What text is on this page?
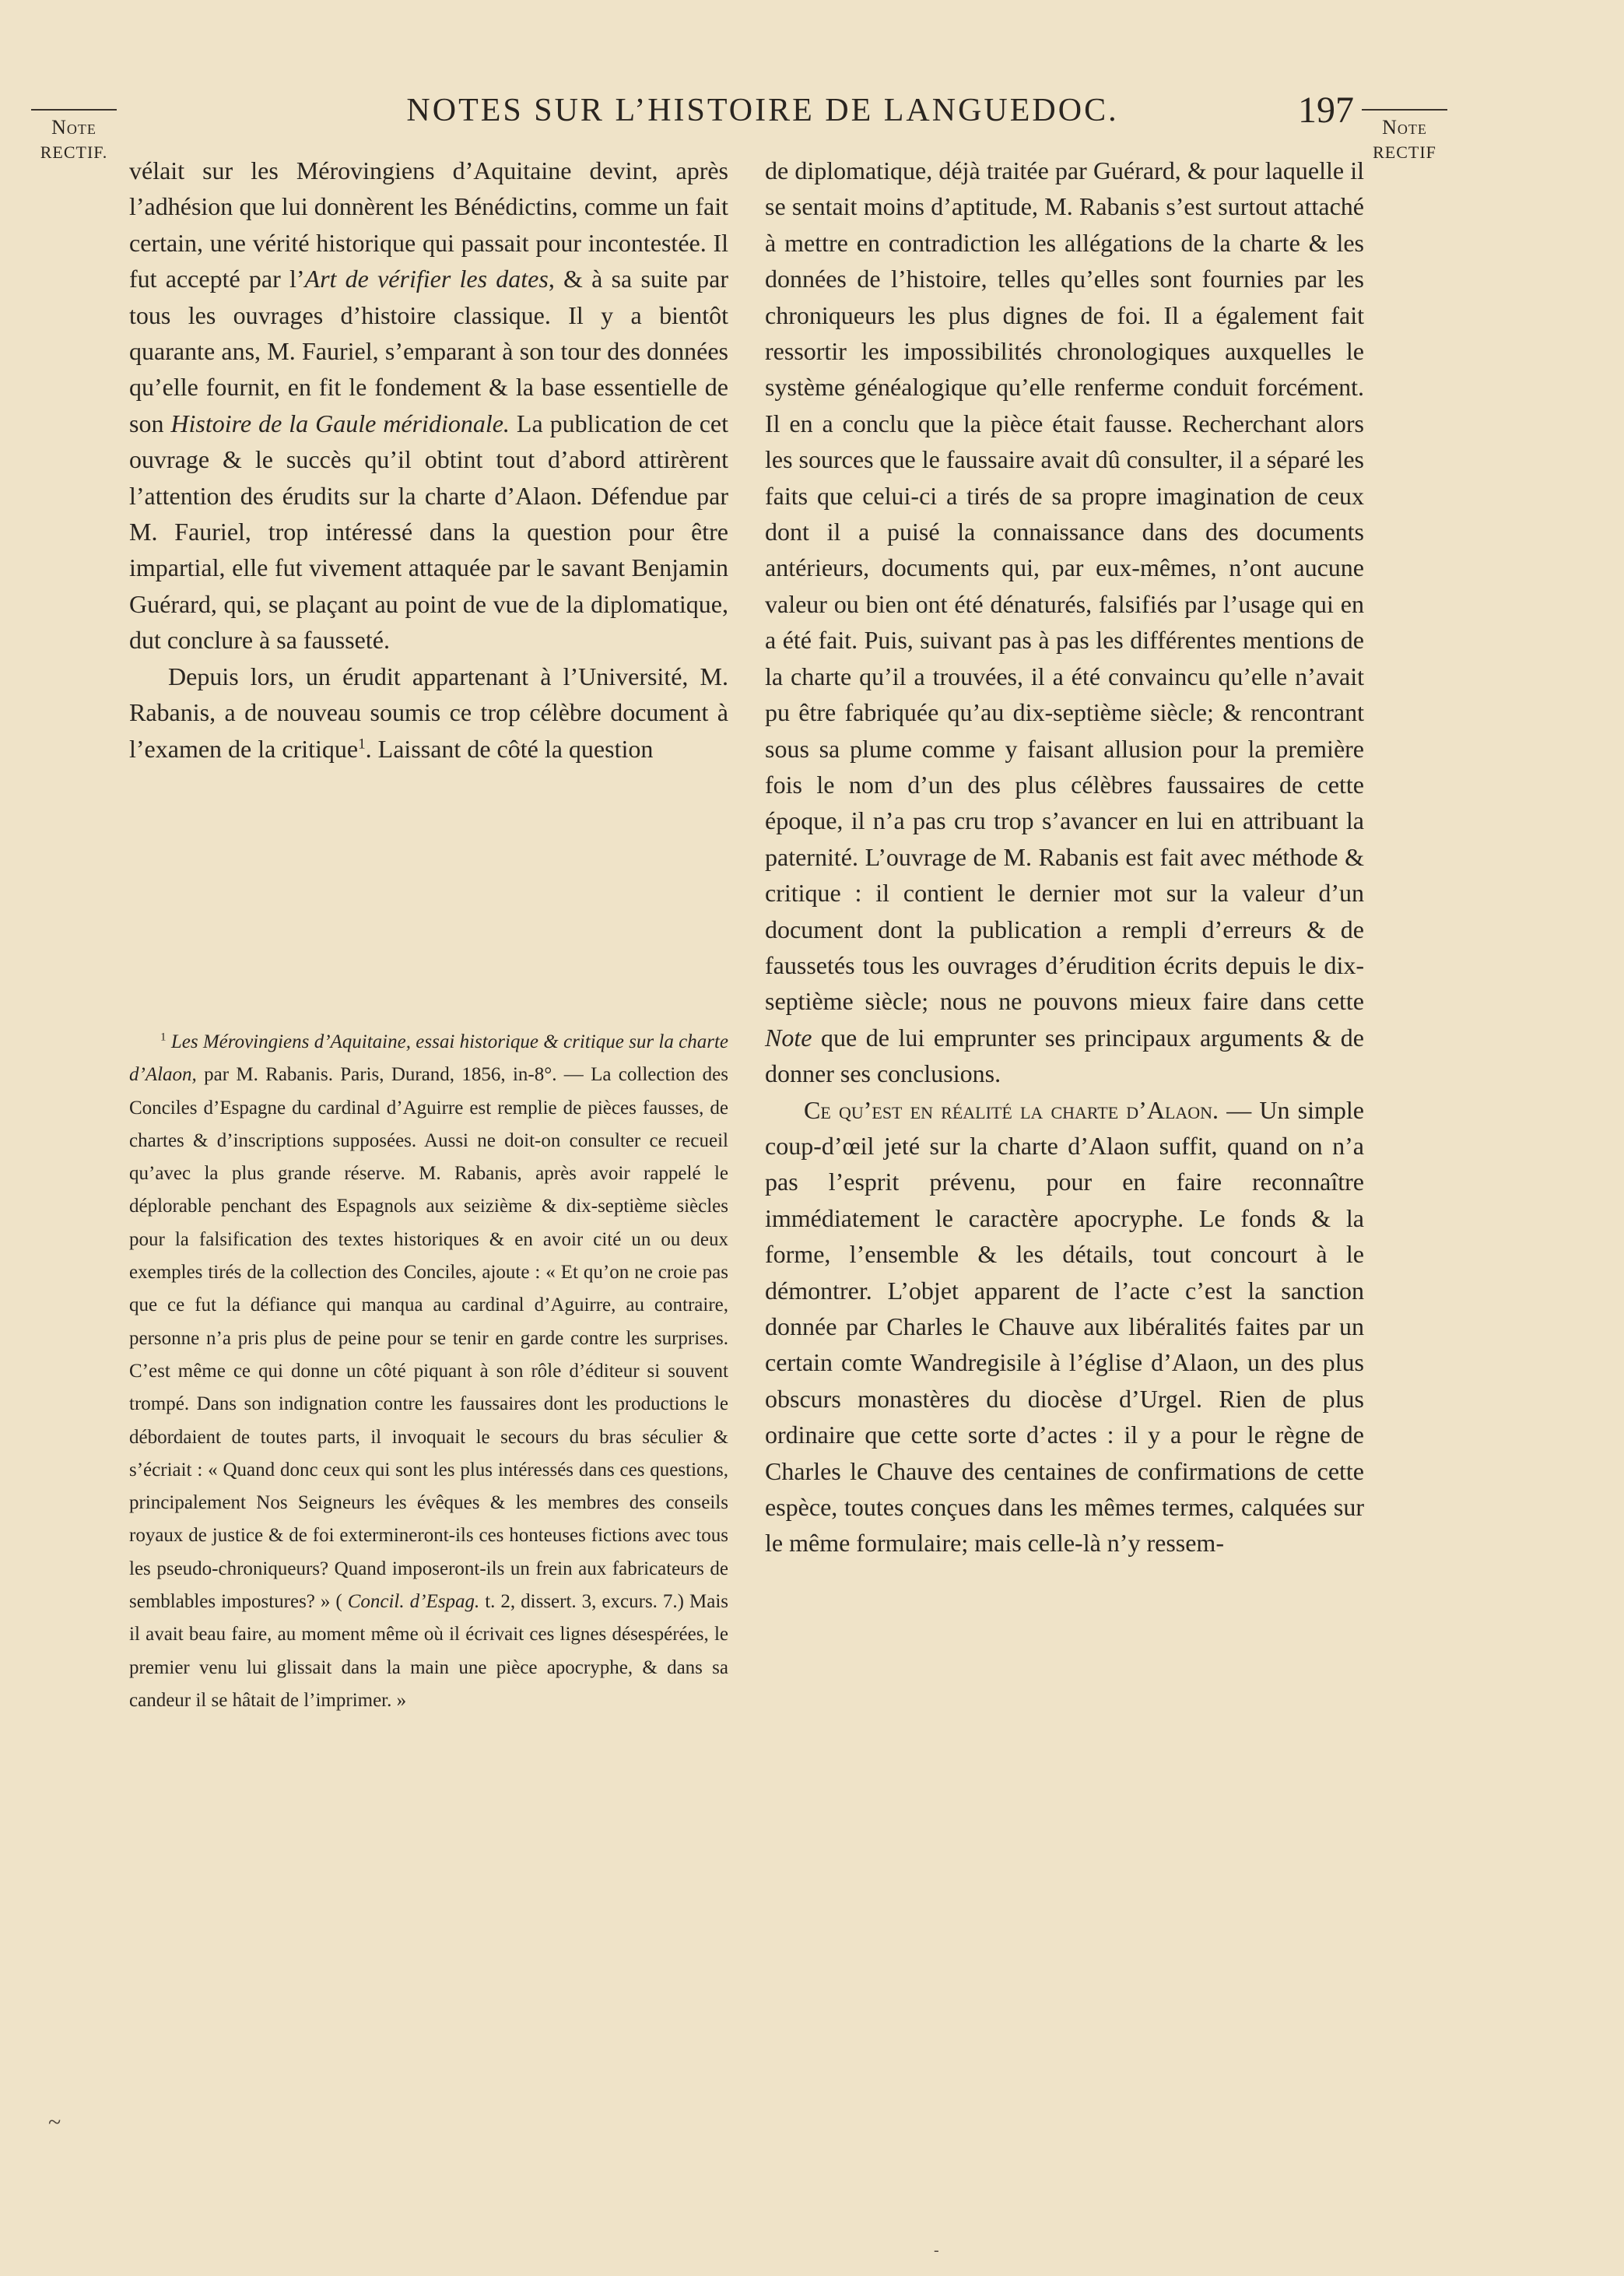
Note
RECTIF.
Note
RECTIF
NOTES SUR L’HISTOIRE DE LANGUEDOC.	197

vélait sur les Mérovingiens d’Aquitaine devint, après l’adhésion que lui donnèrent les Bénédictins, comme un fait certain, une vérité historique qui passait pour incontestée. Il fut accepté par l’Art de vérifier les dates, & à sa suite par tous les ouvrages d’histoire classique. Il y a bientôt quarante ans, M. Fauriel, s’emparant à son tour des données qu’elle fournit, en fit le fondement & la base essentielle de son Histoire de la Gaule méridionale. La publication de cet ouvrage & le succès qu’il obtint tout d’abord attirèrent l’attention des érudits sur la charte d’Alaon. Défendue par M. Fauriel, trop intéressé dans la question pour être impartial, elle fut vivement attaquée par le savant Benjamin Guérard, qui, se plaçant au point de vue de la diplomatique, dut conclure à sa fausseté.

Depuis lors, un érudit appartenant à l’Université, M. Rabanis, a de nouveau soumis ce trop célèbre document à l’examen de la critique$^1$. Laissant de côté la question

$^1$ Les Mérovingiens d’Aquitaine, essai historique & critique sur la charte d’Alaon, par M. Rabanis. Paris, Durand, 1856, in-8°. — La collection des Conciles d’Espagne du cardinal d’Aguirre est remplie de pièces fausses, de chartes & d’inscriptions supposées. Aussi ne doit-on consulter ce recueil qu’avec la plus grande réserve. M. Rabanis, après avoir rappelé le déplorable penchant des Espagnols aux seizième & dix-septième siècles pour la falsification des textes historiques & en avoir cité un ou deux exemples tirés de la collection des Conciles, ajoute : « Et qu’on ne croie pas que ce fut la défiance qui manqua au cardinal d’Aguirre, au contraire, personne n’a pris plus de peine pour se tenir en garde contre les surprises. C’est même ce qui donne un côté piquant à son rôle d’éditeur si souvent trompé. Dans son indignation contre les faussaires dont les productions le débordaient de toutes parts, il invoquait le secours du bras séculier & s’écriait : « Quand donc ceux qui sont les plus intéressés dans ces questions, principalement Nos Seigneurs les évêques & les membres des conseils royaux de justice & de foi extermineront-ils ces honteuses fictions avec tous les pseudo-chroniqueurs? Quand imposeront-ils un frein aux fabricateurs de semblables impostures? » ( Concil. d’Espag. t. 2, dissert. 3, excurs. 7.) Mais il avait beau faire, au moment même où il écrivait ces lignes désespérées, le premier venu lui glissait dans la main une pièce apocryphe, & dans sa candeur il se hâtait de l’imprimer. »

de diplomatique, déjà traitée par Guérard, & pour laquelle il se sentait moins d’aptitude, M. Rabanis s’est surtout attaché à mettre en contradiction les allégations de la charte & les données de l’histoire, telles qu’elles sont fournies par les chroniqueurs les plus dignes de foi. Il a également fait ressortir les impossibilités chronologiques auxquelles le système généalogique qu’elle renferme conduit forcément. Il en a conclu que la pièce était fausse. Recherchant alors les sources que le faussaire avait dû consulter, il a séparé les faits que celui-ci a tirés de sa propre imagination de ceux dont il a puisé la connaissance dans des documents antérieurs, documents qui, par eux-mêmes, n’ont aucune valeur ou bien ont été dénaturés, falsifiés par l’usage qui en a été fait. Puis, suivant pas à pas les différentes mentions de la charte qu’il a trouvées, il a été convaincu qu’elle n’avait pu être fabriquée qu’au dix-septième siècle; & rencontrant sous sa plume comme y faisant allusion pour la première fois le nom d’un des plus célèbres faussaires de cette époque, il n’a pas cru trop s’avancer en lui en attribuant la paternité. L’ouvrage de M. Rabanis est fait avec méthode & critique : il contient le dernier mot sur la valeur d’un document dont la publication a rempli d’erreurs & de faussetés tous les ouvrages d’érudition écrits depuis le dix-septième siècle; nous ne pouvons mieux faire dans cette Note que de lui emprunter ses principaux arguments & de donner ses conclusions.

Ce qu’est en réalité la charte d’Alaon. — Un simple coup-d’œil jeté sur la charte d’Alaon suffit, quand on n’a pas l’esprit prévenu, pour en faire reconnaître immédiatement le caractère apocryphe. Le fonds & la forme, l’ensemble & les détails, tout concourt à le démontrer. L’objet apparent de l’acte c’est la sanction donnée par Charles le Chauve aux libéralités faites par un certain comte Wandregisile à l’église d’Alaon, un des plus obscurs monastères du diocèse d’Urgel. Rien de plus ordinaire que cette sorte d’actes : il y a pour le règne de Charles le Chauve des centaines de confirmations de cette espèce, toutes conçues dans les mêmes termes, calquées sur le même formulaire; mais celle-là n’y ressem-

~
-
